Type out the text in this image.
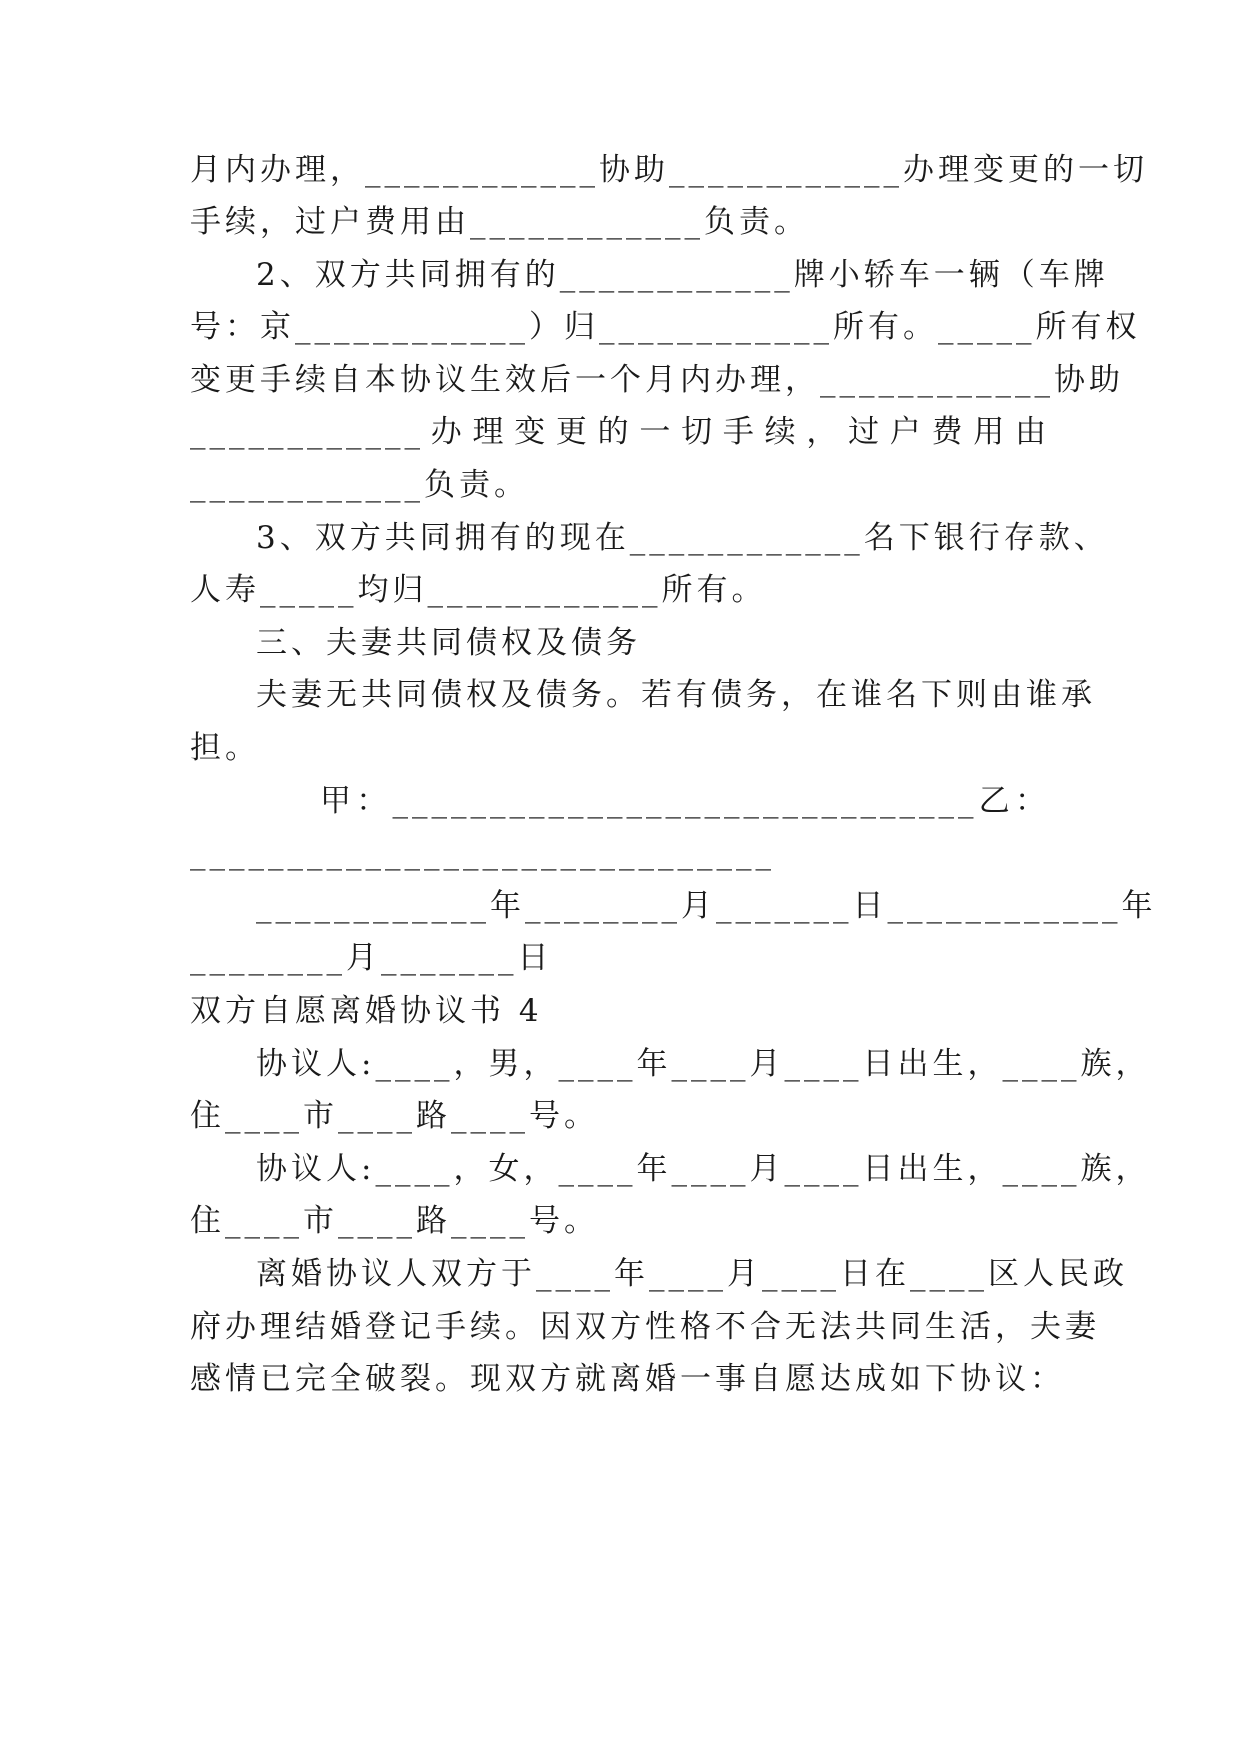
月内办理，____________协助____________办理变更的一切
手续，过户费用由____________负责。
2、双方共同拥有的____________牌小轿车一辆（车牌
号：京____________）归____________所有。_____所有权
变更手续自本协议生效后一个月内办理，____________协助
____________办理变更的一切手续，过户费用由
____________负责。
3、双方共同拥有的现在____________名下银行存款、
人寿_____均归____________所有。
三、夫妻共同债权及债务
夫妻无共同债权及债务。若有债务，在谁名下则由谁承
担。
甲：______________________________乙：
______________________________
____________年________月_______日____________年
________月_______日
双方自愿离婚协议书 4
协议人:____，男，____年____月____日出生，____族，
住____市____路____号。
协议人:____，女，____年____月____日出生，____族，
住____市____路____号。
离婚协议人双方于____年____月____日在____区人民政
府办理结婚登记手续。因双方性格不合无法共同生活，夫妻
感情已完全破裂。现双方就离婚一事自愿达成如下协议：
